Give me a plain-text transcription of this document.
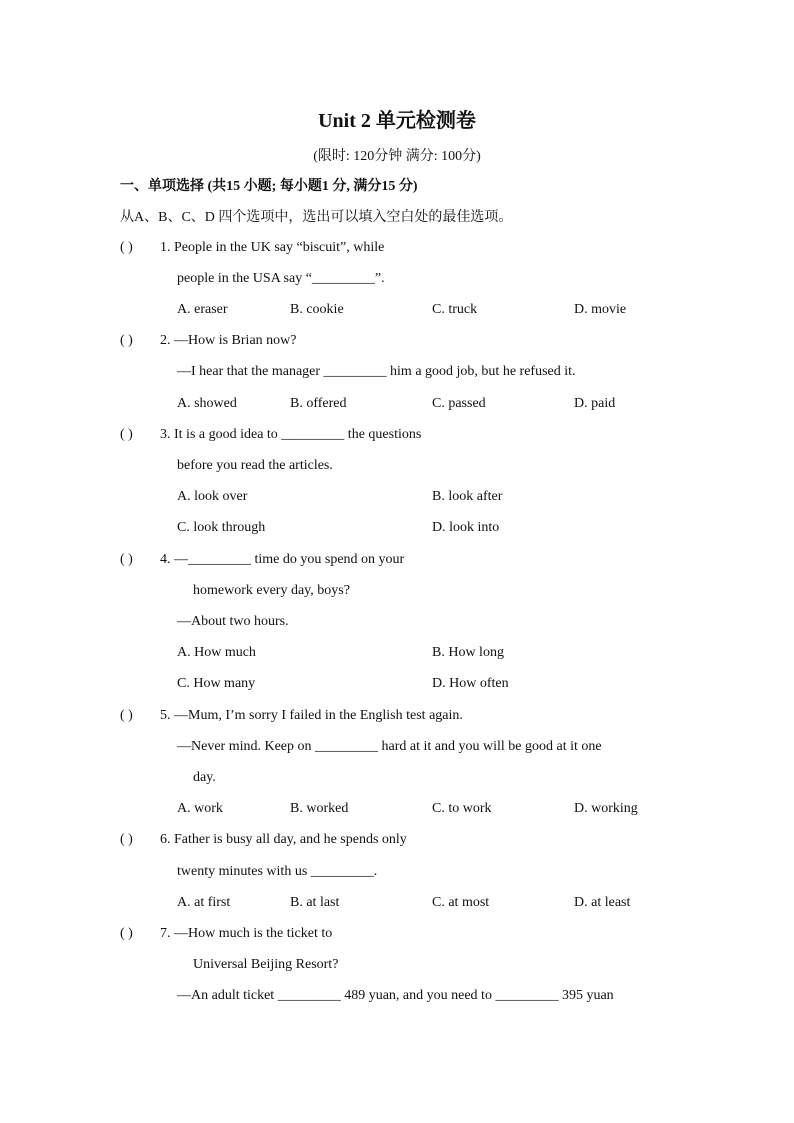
Unit 2 单元检测卷
(限时: 120分钟 满分: 100分)
一、单项选择 (共15 小题; 每小题1 分, 满分15 分)
从A、B、C、D 四个选项中，选出可以填入空白处的最佳选项。
( ) 1. People in the UK say “biscuit”, while
people in the USA say “_________”.
A. eraser	B. cookie	C. truck	D. movie
( ) 2. —How is Brian now?
—I hear that the manager _________ him a good job, but he refused it.
A. showed	B. offered	C. passed	D. paid
( ) 3. It is a good idea to _________ the questions
before you read the articles.
A. look over	B. look after
C. look through	D. look into
( ) 4. —_________ time do you spend on your
homework every day, boys?
—About two hours.
A. How much	B. How long
C. How many	D. How often
( ) 5. —Mum, I’m sorry I failed in the English test again.
—Never mind. Keep on _________ hard at it and you will be good at it one
day.
A. work	B. worked	C. to work	D. working
( ) 6. Father is busy all day, and he spends only
twenty minutes with us _________.
A. at first	B. at last	C. at most	D. at least
( ) 7. —How much is the ticket to
Universal Beijing Resort?
—An adult ticket _________ 489 yuan, and you need to _________ 395 yuan
